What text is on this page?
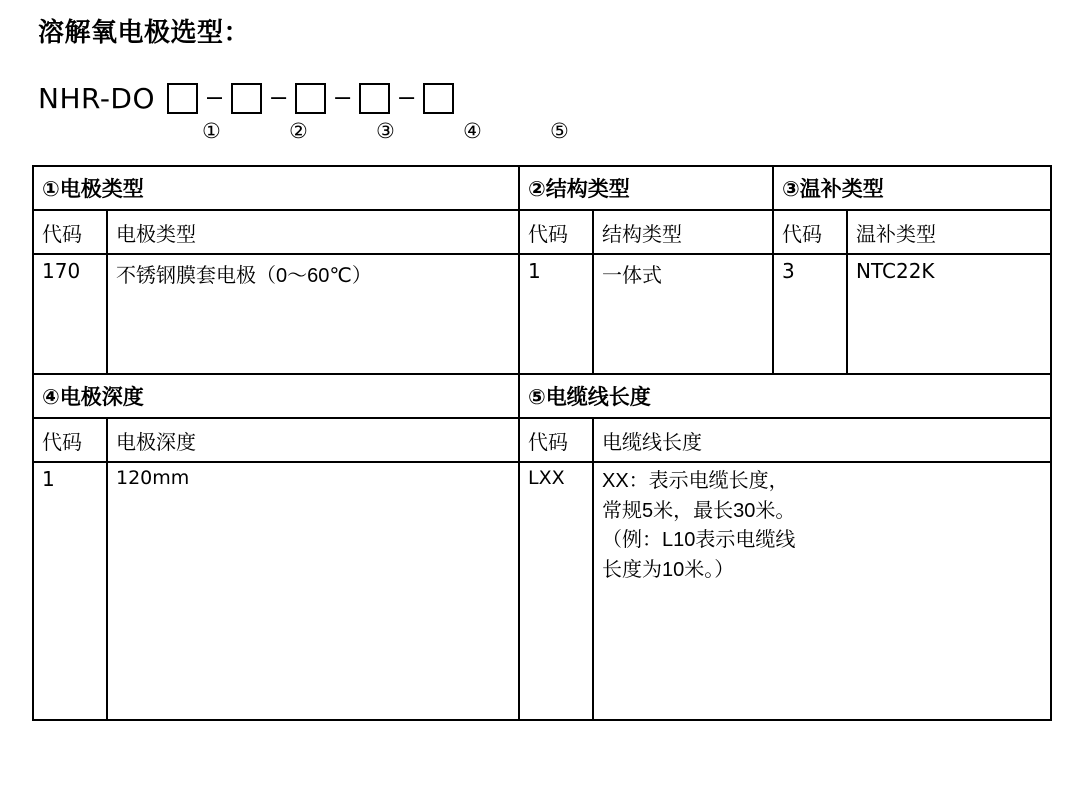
溶解氧电极选型：
NHR-DO – – – –
①	②	③	④	⑤
①电极类型		②结构类型		③温补类型	
代码	电极类型	代码	结构类型	代码	温补类型
170	不锈钢膜套电极（0～60℃）	1	一体式	3	NTC22K
④电极深度		⑤电缆线长度	
代码	电极深度	代码	电缆线长度
1	120mm	LXX	XX：表示电缆长度，
常规5米，最长30米。
（例：L10表示电缆线
长度为10米。）
